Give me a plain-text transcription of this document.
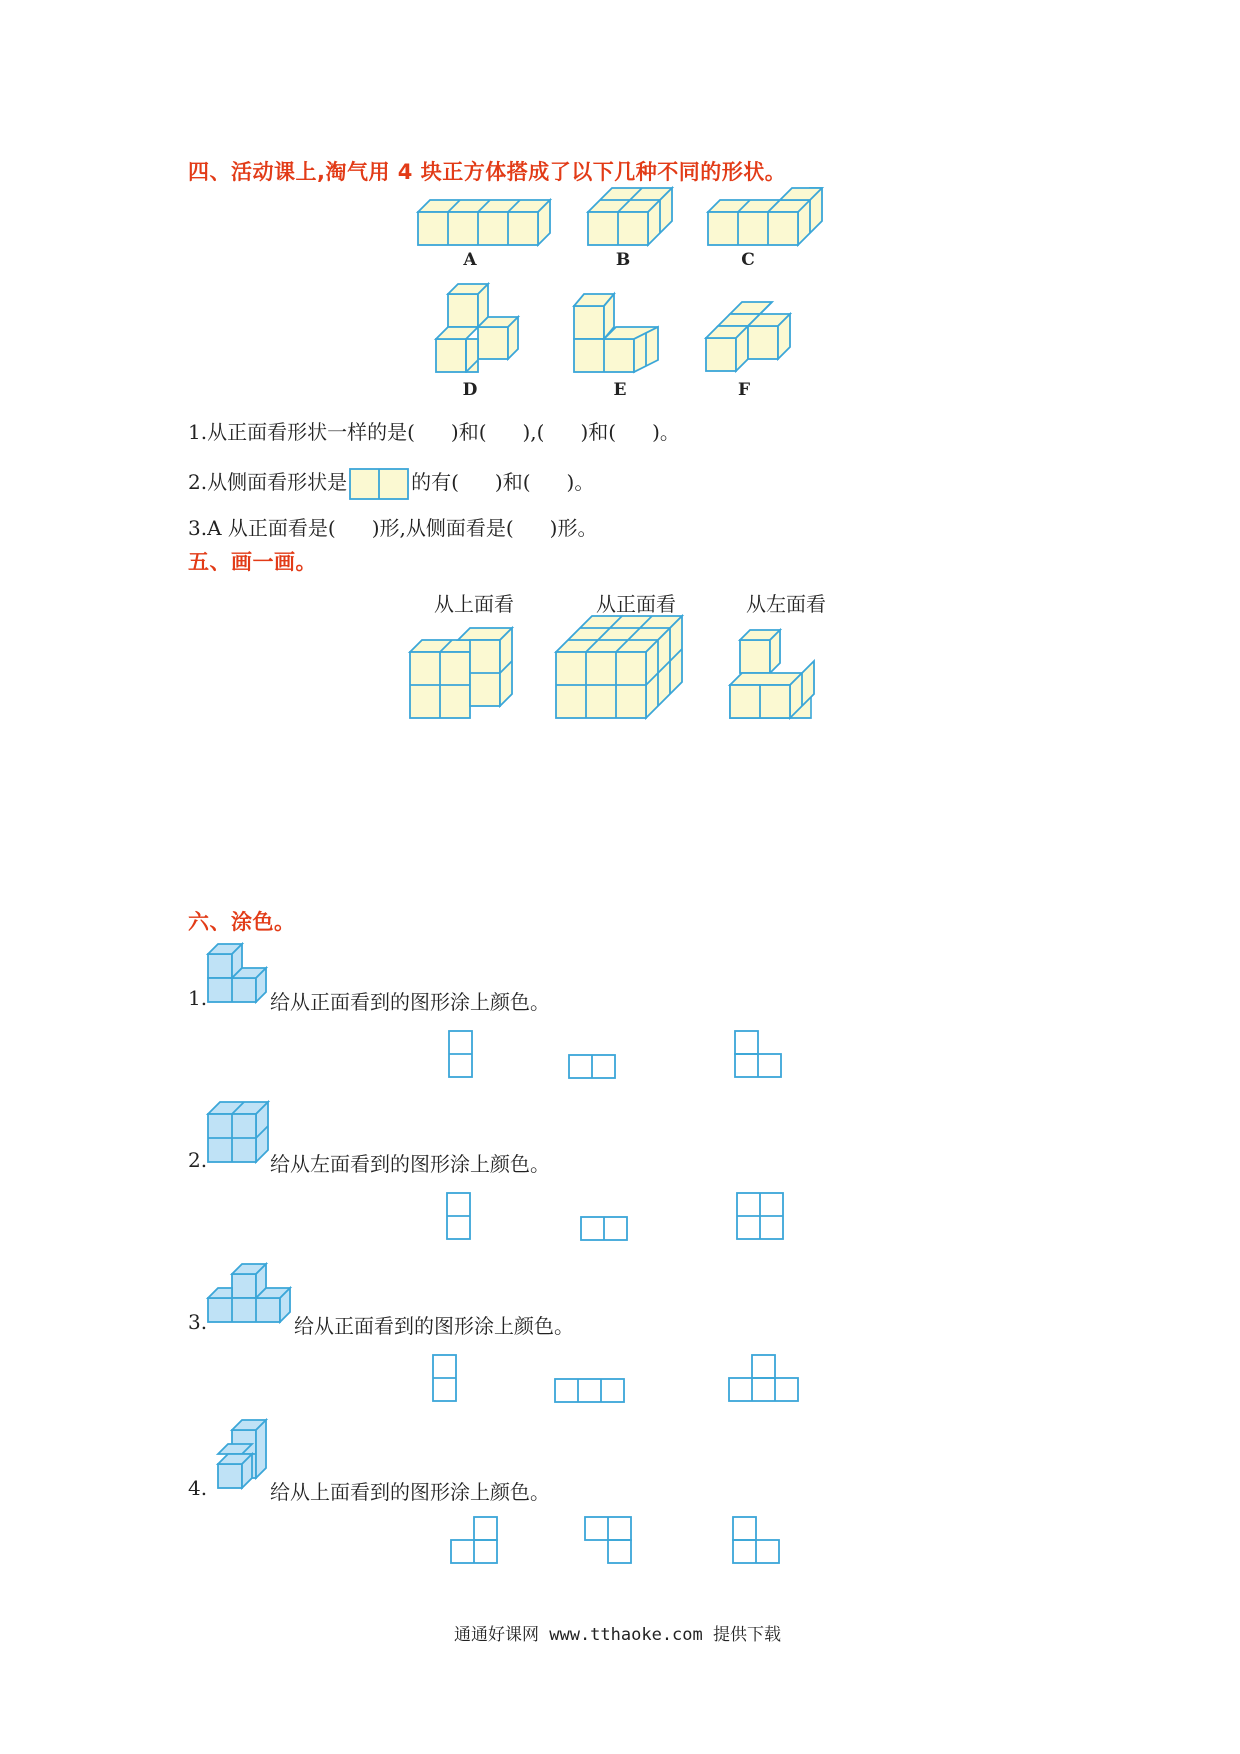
四、活动课上,淘气用 4 块正方体搭成了以下几种不同的形状。
A	B	C
D	E	F
1.从正面看形状一样的是( )和( ),( )和( )。
2.从侧面看形状是	的有( )和( )。
3.A 从正面看是( )形,从侧面看是( )形。
五、画一画。
从上面看	从正面看	从左面看
六、涂色。
1.	给从正面看到的图形涂上颜色。
2.	给从左面看到的图形涂上颜色。
3.	给从正面看到的图形涂上颜色。
4.	给从上面看到的图形涂上颜色。
通通好课网 www.tthaoke.com 提供下载
